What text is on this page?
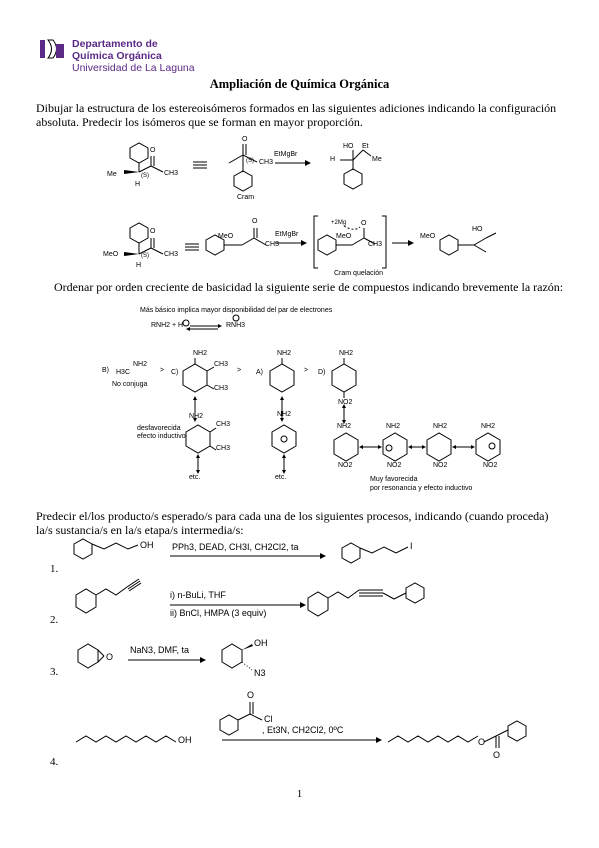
Departamento de
Química Orgánica
Universidad de La Laguna
Ampliación de Química Orgánica
Dibujar la estructura de los estereoisómeros formados en las siguientes adiciones indicando la configuración absoluta. Predecir los isómeros que se forman en mayor proporción.
Me	(S)
H
CH3
O
O
(S) CH3
EtMgBr
HO Et
H	Me
Cram
MeO	(S)
H
CH3
O
MeO
O
CH3
EtMgBr
+2Mg O
MeO
CH3
Cram quelación
MeO
HO
Ordenar por orden creciente de basicidad la siguiente serie de compuestos indicando brevemente la razón:
Más básico implica mayor disponibilidad del par de electrones
RNH2 + H	RNH3
B) H3C
NH2
No conjuga
> C)
NH2
CH3
CH3
> A)
NH2
> D)
NH2
NO2
NH2
CH3
CH3
desfavorecida
efecto inductivo
etc.
NH2
etc.
NH2
NO2
NH2
NO2
NH2
NO2
NH2
NO2
Muy favorecida
por resonancia y efecto inductivo
Predecir el/los producto/s esperado/s para cada una de los siguientes procesos, indicando (cuando proceda) la/s sustancia/s en la/s etapa/s intermedia/s:
OH PPh3, DEAD, CH3I, CH2Cl2, ta	I
1.
i) n-BuLi, THF
ii) BnCl, HMPA (3 equiv)
2.
O
NaN3, DMF, ta
OH
N3
3.
OH
O
Cl
, Et3N, CH2Cl2, 0ºC
O
O
4.
1
